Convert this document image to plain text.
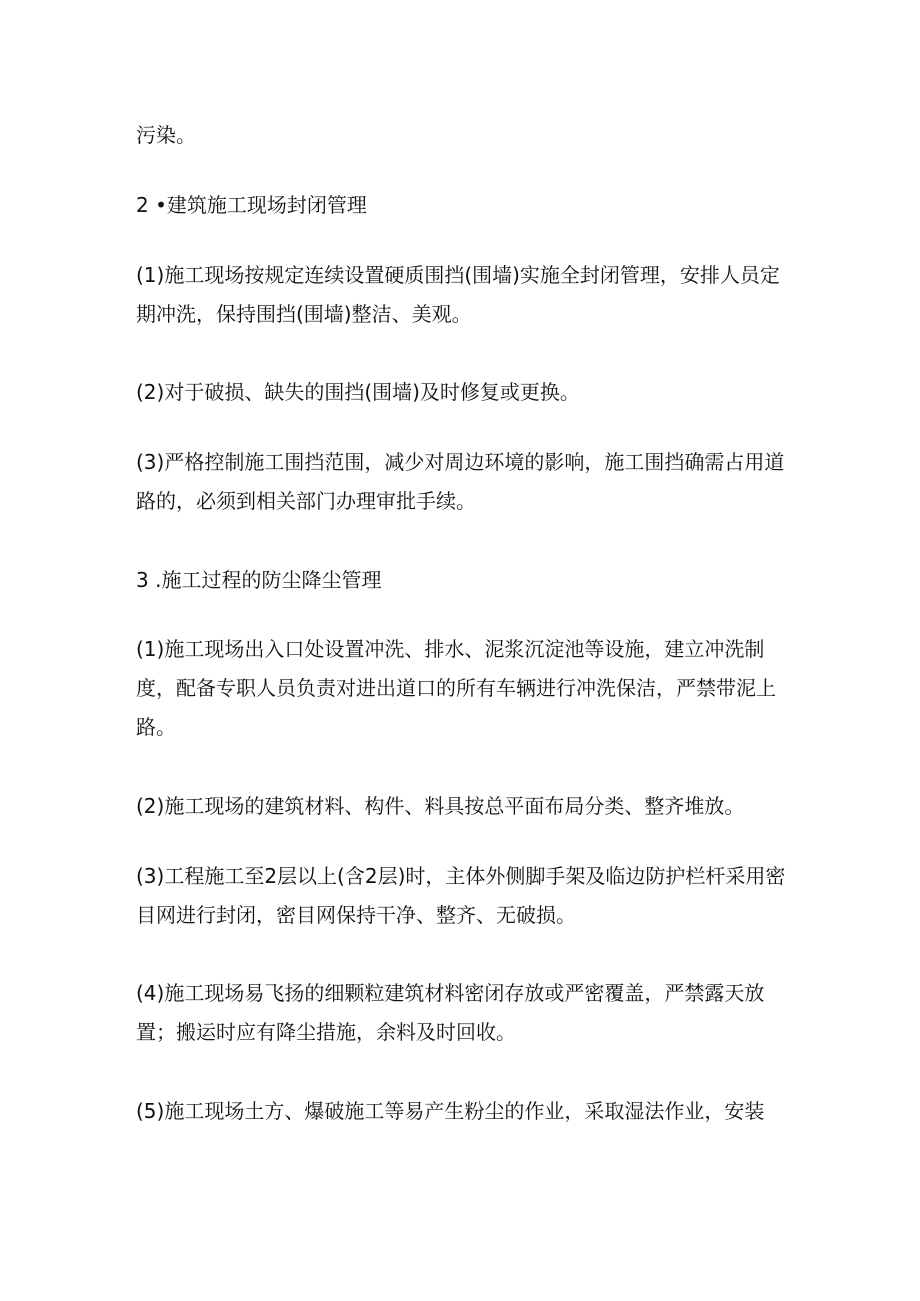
污染。

2 •建筑施工现场封闭管理

(1)施工现场按规定连续设置硬质围挡(围墙)实施全封闭管理，安排人员定期冲洗，保持围挡(围墙)整洁、美观。

(2)对于破损、缺失的围挡(围墙)及时修复或更换。

(3)严格控制施工围挡范围，减少对周边环境的影响，施工围挡确需占用道路的，必须到相关部门办理审批手续。

3 .施工过程的防尘降尘管理

(1)施工现场出入口处设置冲洗、排水、泥浆沉淀池等设施，建立冲洗制度，配备专职人员负责对进出道口的所有车辆进行冲洗保洁，严禁带泥上路。

(2)施工现场的建筑材料、构件、料具按总平面布局分类、整齐堆放。

(3)工程施工至2层以上(含2层)时，主体外侧脚手架及临边防护栏杆采用密目网进行封闭，密目网保持干净、整齐、无破损。

(4)施工现场易飞扬的细颗粒建筑材料密闭存放或严密覆盖，严禁露天放置；搬运时应有降尘措施，余料及时回收。

(5)施工现场土方、爆破施工等易产生粉尘的作业，采取湿法作业，安装
